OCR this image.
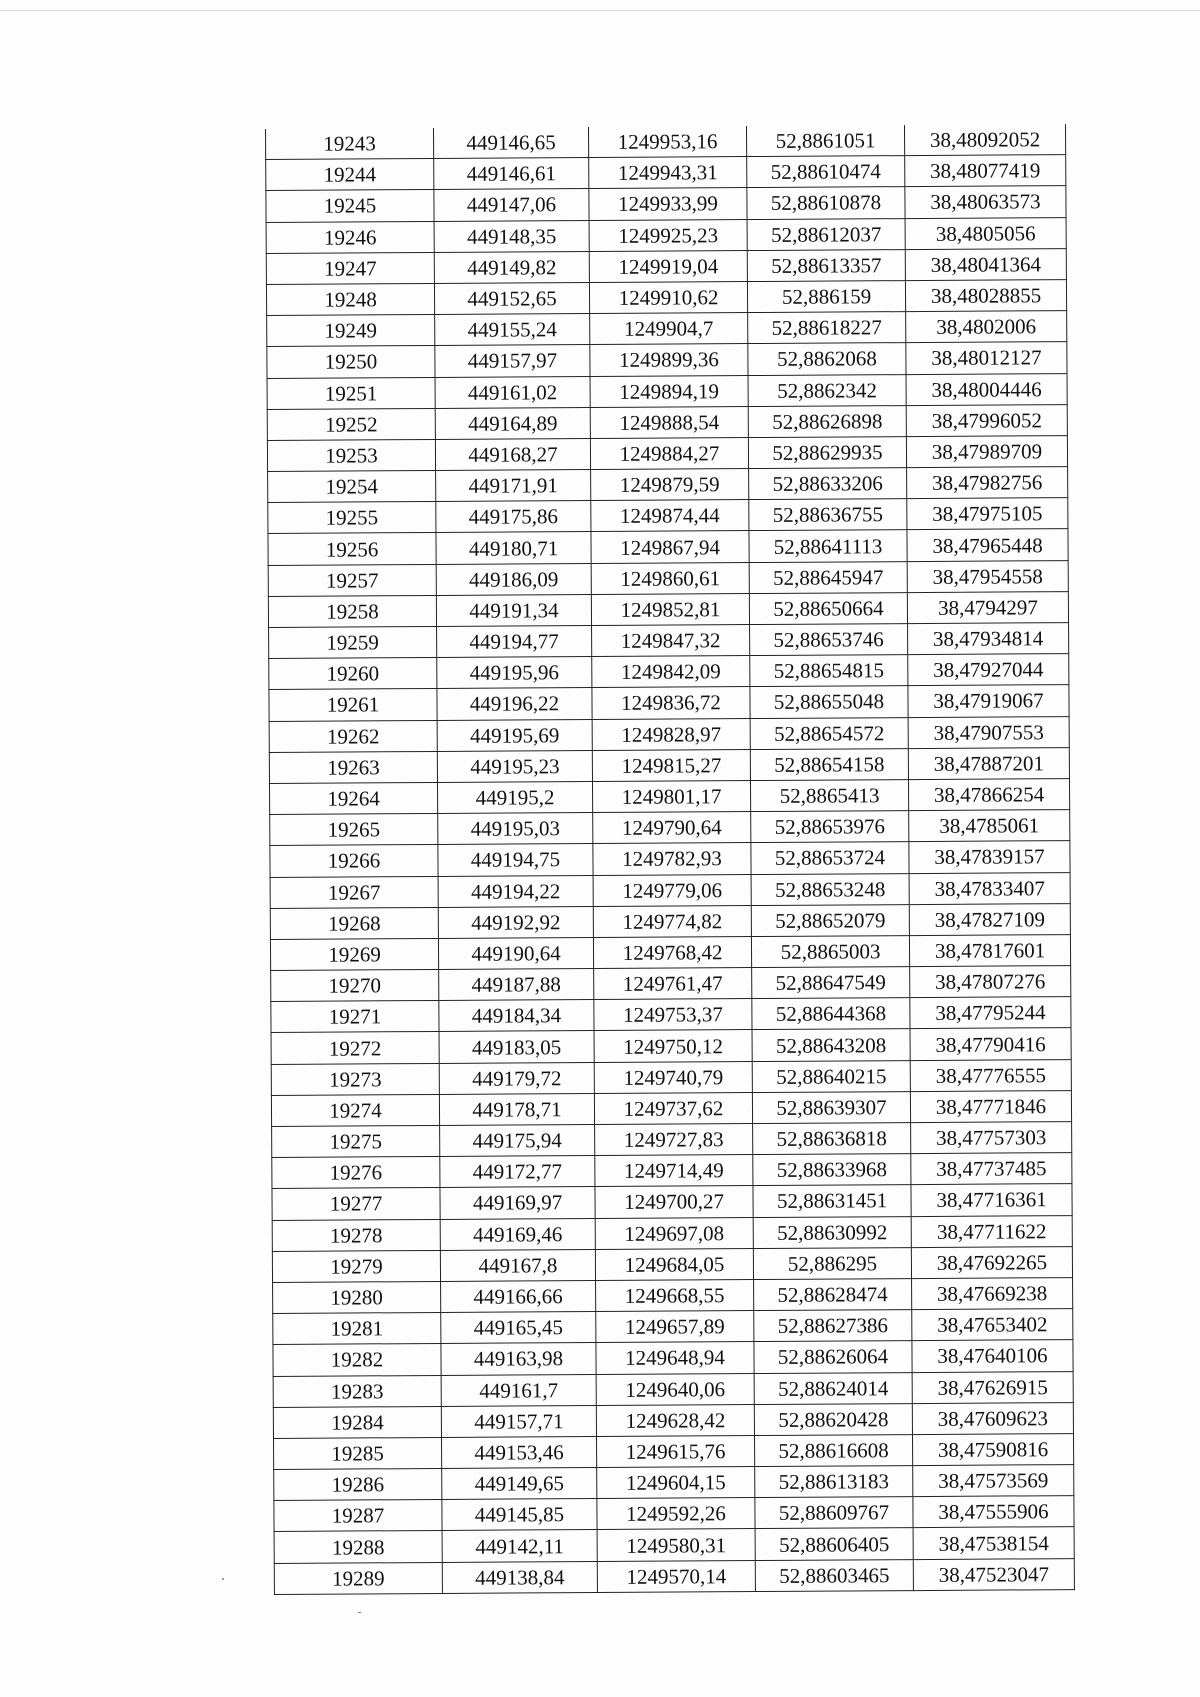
19243	449146,65	1249953,16	52,8861051	38,48092052
19244	449146,61	1249943,31	52,88610474	38,48077419
19245	449147,06	1249933,99	52,88610878	38,48063573
19246	449148,35	1249925,23	52,88612037	38,4805056
19247	449149,82	1249919,04	52,88613357	38,48041364
19248	449152,65	1249910,62	52,886159	38,48028855
19249	449155,24	1249904,7	52,88618227	38,4802006
19250	449157,97	1249899,36	52,8862068	38,48012127
19251	449161,02	1249894,19	52,8862342	38,48004446
19252	449164,89	1249888,54	52,88626898	38,47996052
19253	449168,27	1249884,27	52,88629935	38,47989709
19254	449171,91	1249879,59	52,88633206	38,47982756
19255	449175,86	1249874,44	52,88636755	38,47975105
19256	449180,71	1249867,94	52,88641113	38,47965448
19257	449186,09	1249860,61	52,88645947	38,47954558
19258	449191,34	1249852,81	52,88650664	38,4794297
19259	449194,77	1249847,32	52,88653746	38,47934814
19260	449195,96	1249842,09	52,88654815	38,47927044
19261	449196,22	1249836,72	52,88655048	38,47919067
19262	449195,69	1249828,97	52,88654572	38,47907553
19263	449195,23	1249815,27	52,88654158	38,47887201
19264	449195,2	1249801,17	52,8865413	38,47866254
19265	449195,03	1249790,64	52,88653976	38,4785061
19266	449194,75	1249782,93	52,88653724	38,47839157
19267	449194,22	1249779,06	52,88653248	38,47833407
19268	449192,92	1249774,82	52,88652079	38,47827109
19269	449190,64	1249768,42	52,8865003	38,47817601
19270	449187,88	1249761,47	52,88647549	38,47807276
19271	449184,34	1249753,37	52,88644368	38,47795244
19272	449183,05	1249750,12	52,88643208	38,47790416
19273	449179,72	1249740,79	52,88640215	38,47776555
19274	449178,71	1249737,62	52,88639307	38,47771846
19275	449175,94	1249727,83	52,88636818	38,47757303
19276	449172,77	1249714,49	52,88633968	38,47737485
19277	449169,97	1249700,27	52,88631451	38,47716361
19278	449169,46	1249697,08	52,88630992	38,47711622
19279	449167,8	1249684,05	52,886295	38,47692265
19280	449166,66	1249668,55	52,88628474	38,47669238
19281	449165,45	1249657,89	52,88627386	38,47653402
19282	449163,98	1249648,94	52,88626064	38,47640106
19283	449161,7	1249640,06	52,88624014	38,47626915
19284	449157,71	1249628,42	52,88620428	38,47609623
19285	449153,46	1249615,76	52,88616608	38,47590816
19286	449149,65	1249604,15	52,88613183	38,47573569
19287	449145,85	1249592,26	52,88609767	38,47555906
19288	449142,11	1249580,31	52,88606405	38,47538154
19289	449138,84	1249570,14	52,88603465	38,47523047
